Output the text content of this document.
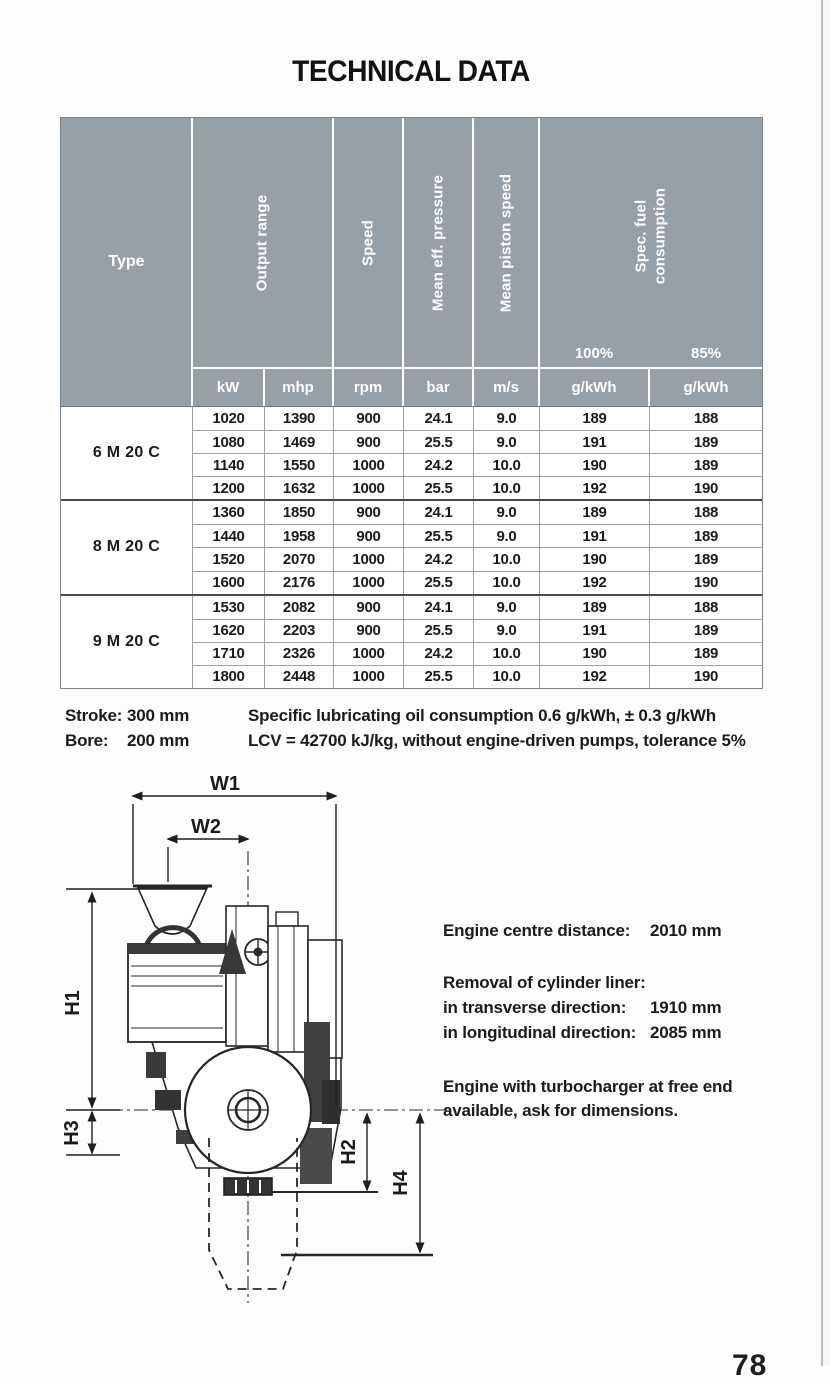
TECHNICAL DATA
Type	Output range	Speed	Mean eff. pressure	Mean piston speed	Spec. fuel consumption
100%	85%
kW	mhp	rpm	bar	m/s	g/kWh	g/kWh
6 M 20 C
1020	1390	900	24.1	9.0	189	188
1080	1469	900	25.5	9.0	191	189
1140	1550	1000	24.2	10.0	190	189
1200	1632	1000	25.5	10.0	192	190
8 M 20 C
1360	1850	900	24.1	9.0	189	188
1440	1958	900	25.5	9.0	191	189
1520	2070	1000	24.2	10.0	190	189
1600	2176	1000	25.5	10.0	192	190
9 M 20 C
1530	2082	900	24.1	9.0	189	188
1620	2203	900	25.5	9.0	191	189
1710	2326	1000	24.2	10.0	190	189
1800	2448	1000	25.5	10.0	192	190
Stroke: 300 mm
Bore:	200 mm
Specific lubricating oil consumption 0.6 g/kWh, ± 0.3 g/kWh
LCV = 42700 kJ/kg, without engine-driven pumps, tolerance 5%
W1
W2
H1
H3
H2
H4
Engine centre distance:	2010 mm
Removal of cylinder liner:
in transverse direction:	1910 mm
in longitudinal direction: 2085 mm
Engine with turbocharger at free end
available, ask for dimensions.
78
